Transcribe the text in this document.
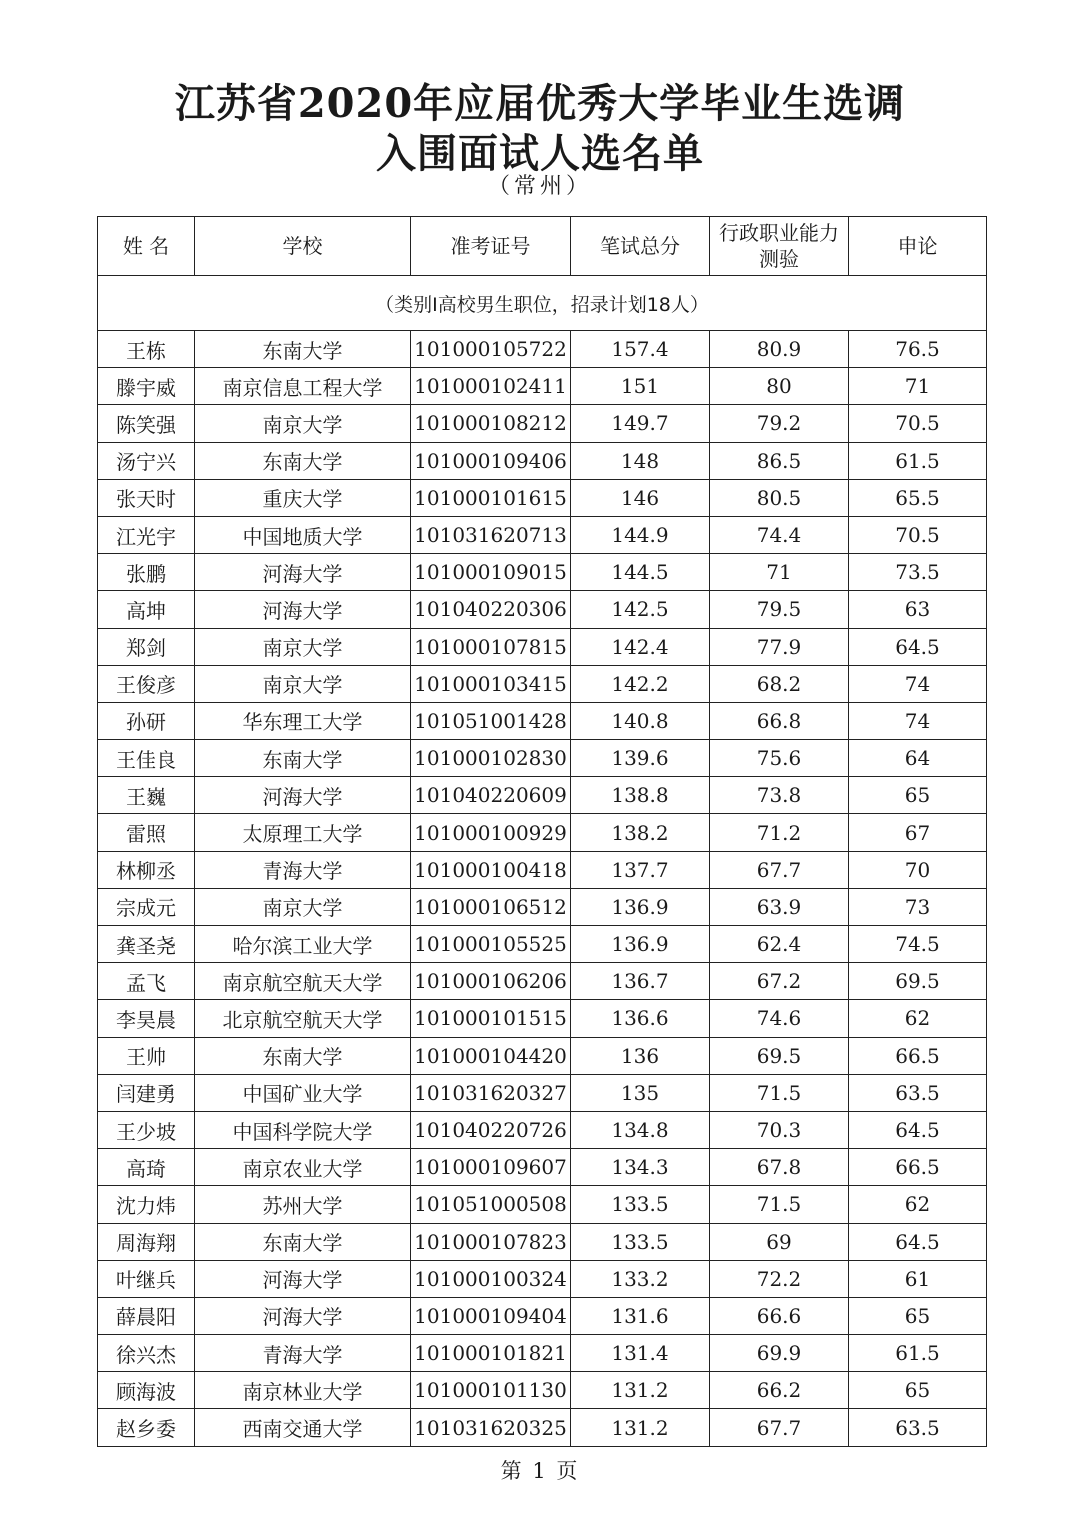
江苏省2020年应届优秀大学毕业生选调
入围面试人选名单
（常州）
姓 名	学校	准考证号	笔试总分	行政职业能力测验	申论
（类别Ⅰ高校男生职位，招录计划18人）					
王栋	东南大学	101000105722	157.4	80.9	76.5
滕宇威	南京信息工程大学	101000102411	151	80	71
陈笑强	南京大学	101000108212	149.7	79.2	70.5
汤宁兴	东南大学	101000109406	148	86.5	61.5
张天时	重庆大学	101000101615	146	80.5	65.5
江光宇	中国地质大学	101031620713	144.9	74.4	70.5
张鹏	河海大学	101000109015	144.5	71	73.5
高坤	河海大学	101040220306	142.5	79.5	63
郑剑	南京大学	101000107815	142.4	77.9	64.5
王俊彦	南京大学	101000103415	142.2	68.2	74
孙研	华东理工大学	101051001428	140.8	66.8	74
王佳良	东南大学	101000102830	139.6	75.6	64
王巍	河海大学	101040220609	138.8	73.8	65
雷照	太原理工大学	101000100929	138.2	71.2	67
林柳丞	青海大学	101000100418	137.7	67.7	70
宗成元	南京大学	101000106512	136.9	63.9	73
龚圣尧	哈尔滨工业大学	101000105525	136.9	62.4	74.5
孟飞	南京航空航天大学	101000106206	136.7	67.2	69.5
李昊晨	北京航空航天大学	101000101515	136.6	74.6	62
王帅	东南大学	101000104420	136	69.5	66.5
闫建勇	中国矿业大学	101031620327	135	71.5	63.5
王少坡	中国科学院大学	101040220726	134.8	70.3	64.5
高琦	南京农业大学	101000109607	134.3	67.8	66.5
沈力炜	苏州大学	101051000508	133.5	71.5	62
周海翔	东南大学	101000107823	133.5	69	64.5
叶继兵	河海大学	101000100324	133.2	72.2	61
薛晨阳	河海大学	101000109404	131.6	66.6	65
徐兴杰	青海大学	101000101821	131.4	69.9	61.5
顾海波	南京林业大学	101000101130	131.2	66.2	65
赵乡委	西南交通大学	101031620325	131.2	67.7	63.5
第 1 页
